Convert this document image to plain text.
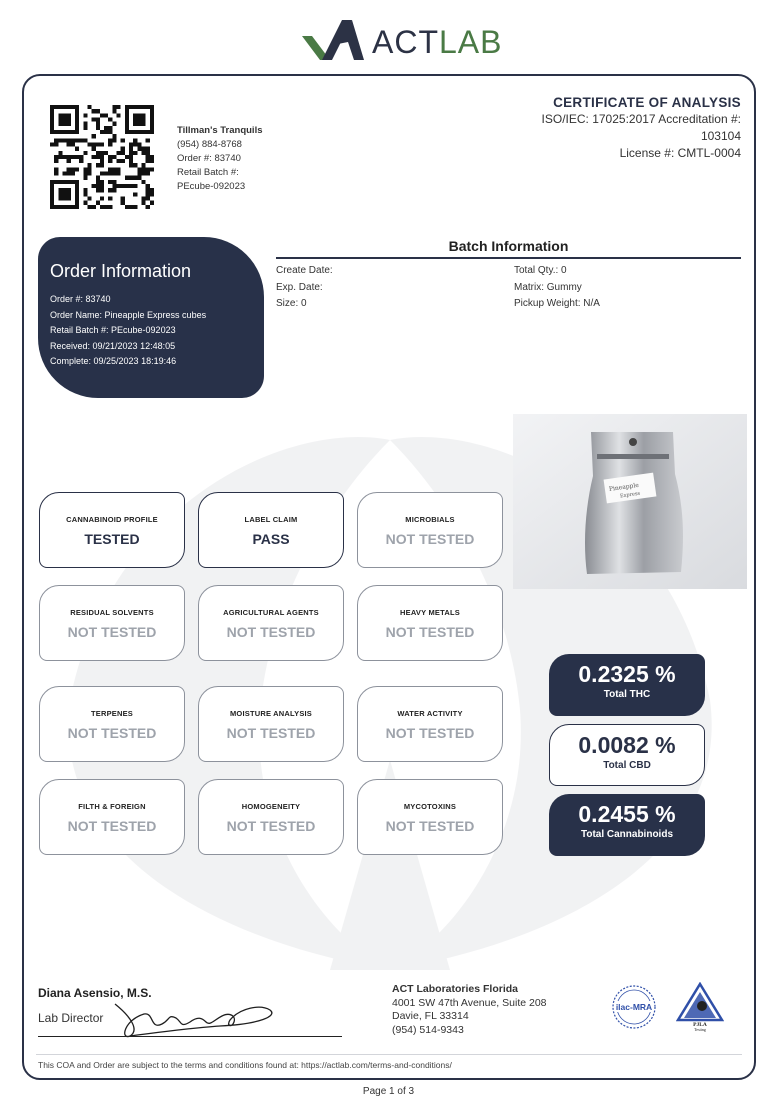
ACTLAB
Tillman's Tranquils
(954) 884-8768
Order #: 83740
Retail Batch #:
PEcube-092023
CERTIFICATE OF ANALYSIS
ISO/IEC: 17025:2017 Accreditation #:
103104
License #: CMTL-0004
Order Information
Order #: 83740
Order Name: Pineapple Express cubes
Retail Batch #: PEcube-092023
Received: 09/21/2023 12:48:05
Complete: 09/25/2023 18:19:46
Batch Information
Create Date:
Exp. Date:
Size: 0
Total Qty.: 0
Matrix: Gummy
Pickup Weight: N/A
Pineapple
Express
CANNABINOID PROFILE
TESTED
LABEL CLAIM
PASS
MICROBIALS
NOT TESTED
RESIDUAL SOLVENTS
NOT TESTED
AGRICULTURAL AGENTS
NOT TESTED
HEAVY METALS
NOT TESTED
TERPENES
NOT TESTED
MOISTURE ANALYSIS
NOT TESTED
WATER ACTIVITY
NOT TESTED
FILTH & FOREIGN
NOT TESTED
HOMOGENEITY
NOT TESTED
MYCOTOXINS
NOT TESTED
0.2325 %
Total THC
0.0082 %
Total CBD
0.2455 %
Total Cannabinoids
Diana Asensio, M.S.
Lab Director
ACT Laboratories Florida
4001 SW 47th Avenue, Suite 208
Davie, FL 33314
(954) 514-9343
ilac-MRA
PJLA
Testing
This COA and Order are subject to the terms and conditions found at: https://actlab.com/terms-and-conditions/
Page 1 of 3
